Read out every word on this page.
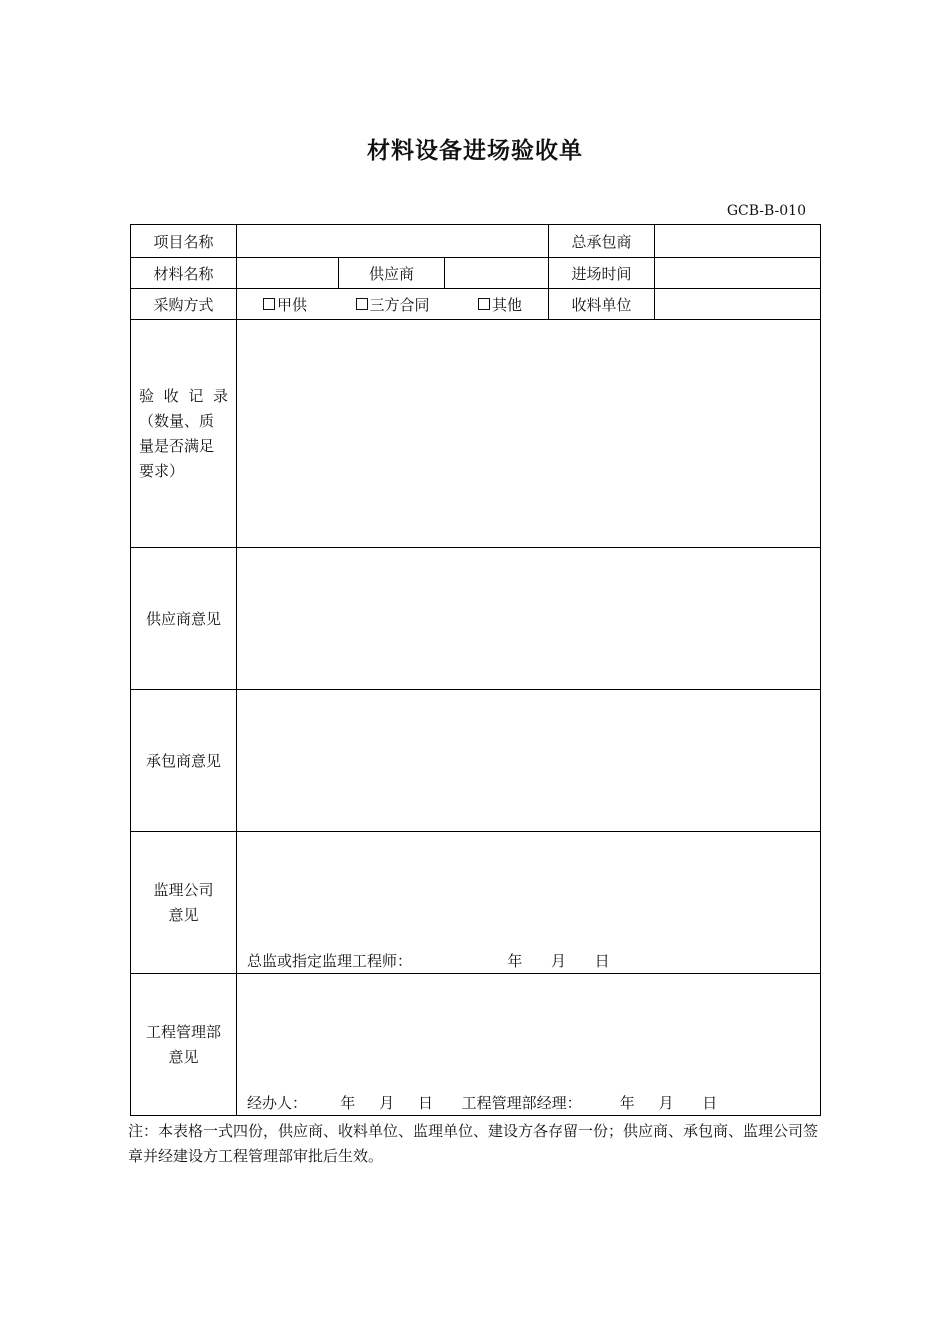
材料设备进场验收单
GCB-B-010
项目名称				总承包商	
材料名称		供应商		进场时间	
采购方式	甲供 三方合同 其他			收料单位	

验 收 记 录
（数量、质
量是否满足
要求）					

供应商意见					
承包商意见					

监理公司
意见	总监或指定监理工程师：                    年      月      日				

工程管理部
意见	经办人：       年     月     日      工程管理部经理：        年     月      日				
注：本表格一式四份，供应商、收料单位、监理单位、建设方各存留一份；供应商、承包商、监理公司签章并经建设方工程管理部审批后生效。
